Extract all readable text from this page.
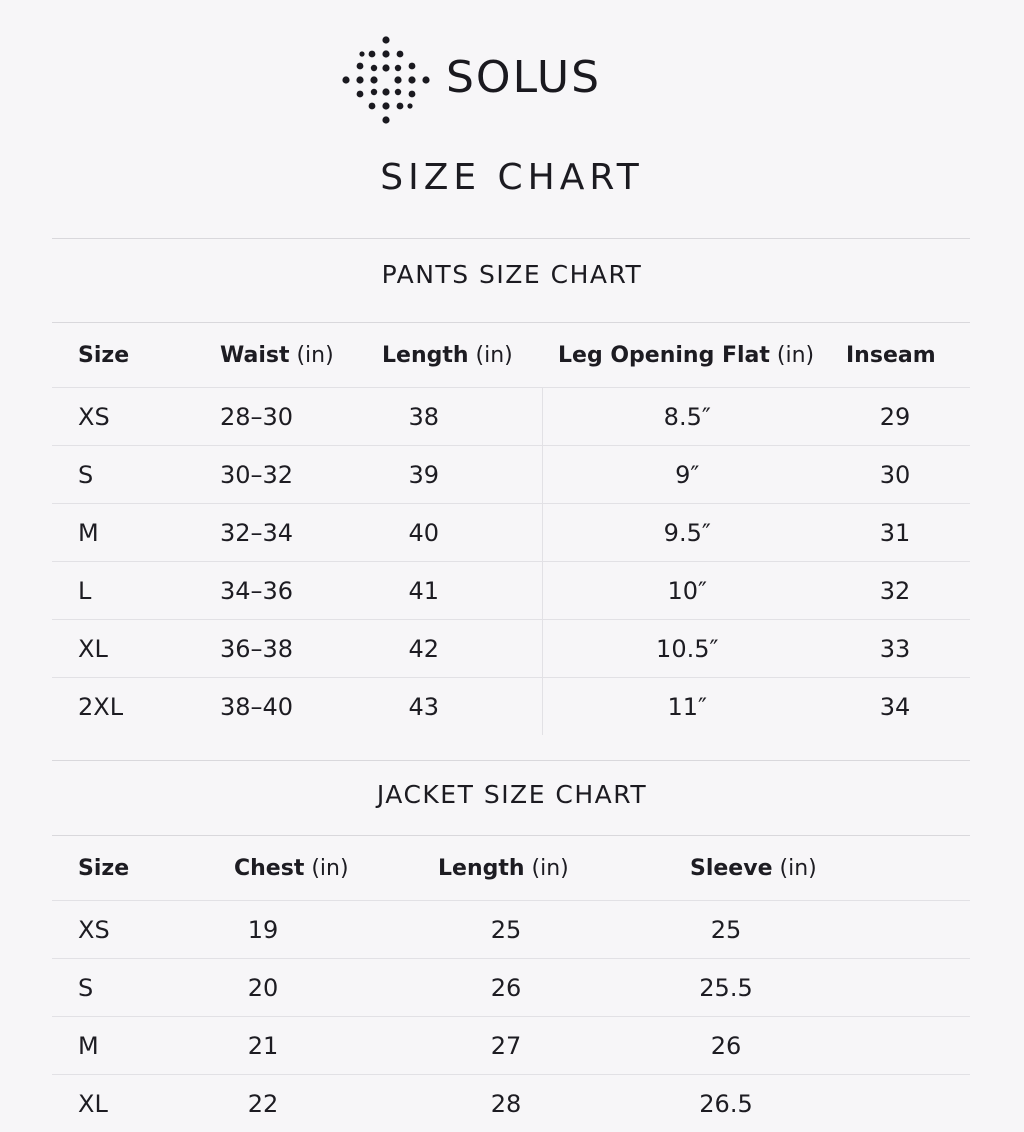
SOLUS
SIZE CHART
PANTS SIZE CHART
Size	Waist (in)	Length (in)	Leg Opening Flat (in)	Inseam
XS	28–30	38	8.5″	29
S	30–32	39	9″	30
M	32–34	40	9.5″	31
L	34–36	41	10″	32
XL	36–38	42	10.5″	33
2XL	38–40	43	11″	34
JACKET SIZE CHART
Size	Chest (in)	Length (in)	Sleeve (in)
XS	19	25	25
S	20	26	25.5
M	21	27	26
XL	22	28	26.5
